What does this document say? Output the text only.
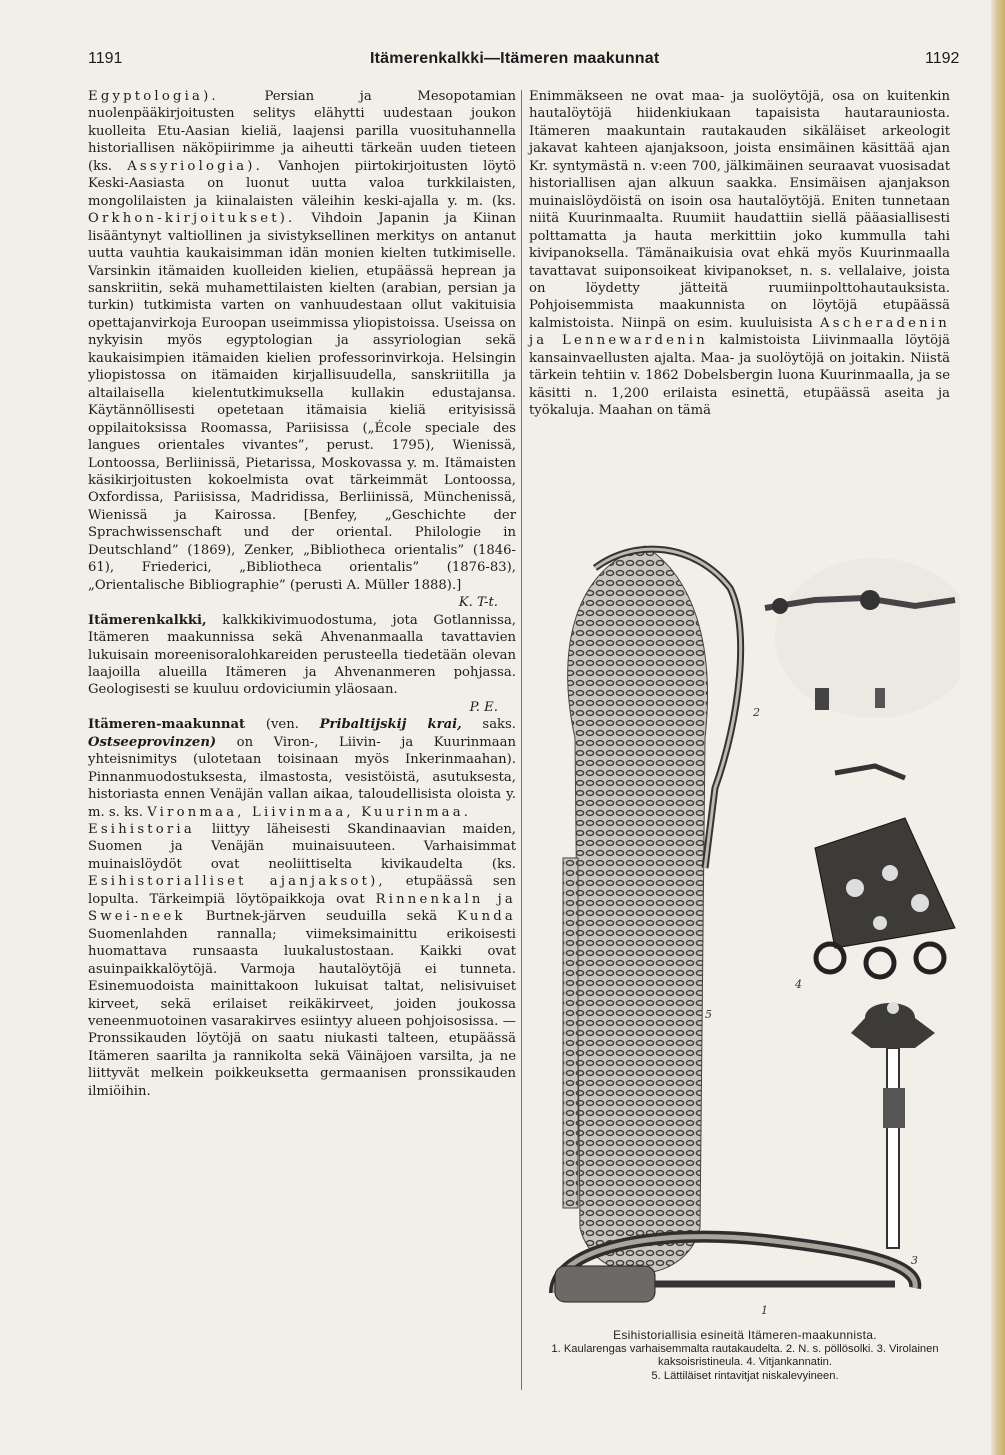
1191	Itämerenkalkki—Itämeren maakunnat	1192

Egyptologia). Persian ja Mesopotamian nuolenpääkirjoitusten selitys elähytti uudestaan joukon kuolleita Etu-Aasian kieliä, laajensi parilla vuosituhannella historiallisen näköpiirimme ja aiheutti tärkeän uuden tieteen (ks. Assyriologia). Vanhojen piirtokirjoitusten löytö Keski-Aasiasta on luonut uutta valoa turkkilaisten, mongolilaisten ja kiinalaisten väleihin keski-ajalla y. m. (ks. Orkhon-kirjoitukset). Vihdoin Japanin ja Kiinan lisääntynyt valtiollinen ja sivistyksellinen merkitys on antanut uutta vauhtia kaukaisimman idän monien kielten tutkimiselle. Varsinkin itämaiden kuolleiden kielien, etupäässä heprean ja sanskriitin, sekä muhamettilaisten kielten (arabian, persian ja turkin) tutkimista varten on vanhuudestaan ollut vakituisia opettajanvirkoja Euroopan useimmissa yliopistoissa. Useissa on nykyisin myös egyptologian ja assyriologian sekä kaukaisimpien itämaiden kielien professorinvirkoja. Helsingin yliopistossa on itämaiden kirjallisuudella, sanskriitilla ja altailaisella kielentutkimuksella kullakin edustajansa. Käytännöllisesti opetetaan itämaisia kieliä erityisissä oppilaitoksissa Roomassa, Pariisissa („École speciale des langues orientales vivantes”, perust. 1795), Wienissä, Lontoossa, Berliinissä, Pietarissa, Moskovassa y. m. Itämaisten käsikirjoitusten kokoelmista ovat tärkeimmät Lontoossa, Oxfordissa, Pariisissa, Madridissa, Berliinissä, Münchenissä, Wienissä ja Kairossa. [Benfey, „Geschichte der Sprachwissenschaft und der oriental. Philologie in Deutschland” (1869), Zenker, „Bibliotheca orientalis” (1846-61), Friederici, „Bibliotheca orientalis” (1876-83), „Orientalische Bibliographie” (perusti A. Müller 1888).]

K. T-t.

Itämerenkalkki, kalkkikivimuodostuma, jota Gotlannissa, Itämeren maakunnissa sekä Ahvenanmaalla tavattavien lukuisain moreenisoralohkareiden perusteella tiedetään olevan laajoilla alueilla Itämeren ja Ahvenanmeren pohjassa. Geologisesti se kuuluu ordoviciumin yläosaan.

P. E.

Itämeren-maakunnat (ven. Pribaltijskij krai, saks. Ostseeprovinzen) on Viron-, Liivin- ja Kuurinmaan yhteisnimitys (ulotetaan toisinaan myös Inkerinmaahan). Pinnanmuodostuksesta, ilmastosta, vesistöistä, asutuksesta, historiasta ennen Venäjän vallan aikaa, taloudellisista oloista y. m. s. ks. Vironmaa, Liivinmaa, Kuurinmaa.

Esihistoria liittyy läheisesti Skandinaavian maiden, Suomen ja Venäjän muinaisuuteen. Varhaisimmat muinaislöydöt ovat neoliittiselta kivikaudelta (ks. Esihistorialliset ajanjaksot), etupäässä sen lopulta. Tärkeimpiä löytöpaikkoja ovat Rinnenkaln ja Swei-neek Burtnek-järven seuduilla sekä Kunda Suomenlahden rannalla; viimeksimainittu erikoisesti huomattava runsaasta luukalustostaan. Kaikki ovat asuinpaikkalöytöjä. Varmoja hautalöytöjä ei tunneta. Esinemuodoista mainittakoon lukuisat taltat, nelisivuiset kirveet, sekä erilaiset reikäkirveet, joiden joukossa veneenmuotoinen vasarakirves esiintyy alueen pohjoisosissa. — Pronssikauden löytöjä on saatu niukasti talteen, etupäässä Itämeren saarilta ja rannikolta sekä Väinäjoen varsilta, ja ne liittyvät melkein poikkeuksetta germaanisen pronssikauden ilmiöihin.

Enimmäkseen ne ovat maa- ja suolöytöjä, osa on kuitenkin hautalöytöjä hiidenkiukaan tapaisista hautarauniosta. Itämeren maakuntain rautakauden sikäläiset arkeologit jakavat kahteen ajanjaksoon, joista ensimäinen käsittää ajan Kr. syntymästä n. v:een 700, jälkimäinen seuraavat vuosisadat historiallisen ajan alkuun saakka. Ensimäisen ajanjakson muinaislöydöistä on isoin osa hautalöytöjä. Eniten tunnetaan niitä Kuurinmaalta. Ruumiit haudattiin siellä pääasiallisesti polttamatta ja hauta merkittiin joko kummulla tahi kivipanoksella. Tämänaikuisia ovat ehkä myös Kuurinmaalla tavattavat suiponsoikeat kivipanokset, n. s. vellalaive, joista on löydetty jätteitä ruumiinpolttohautauksista. Pohjoisemmista maakunnista on löytöjä etupäässä kalmistoista. Niinpä on esim. kuuluisista Ascheradenin ja Lennewardenin kalmistoista Liivinmaalla löytöjä kansainvaellusten ajalta. Maa- ja suolöytöjä on joitakin. Niistä tärkein tehtiin v. 1862 Dobelsbergin luona Kuurinmaalla, ja se käsitti n. 1,200 erilaista esinettä, etupäässä aseita ja työkaluja. Maahan on tämä

2
4
5
3
1
Esihistoriallisia esineitä Itämeren-maakunnista.
1. Kaularengas varhaisemmalta rautakaudelta. 2. N. s. pöllösolki. 3. Virolainen kaksoisristineula. 4. Vitjankannatin.
5. Lättiläiset rintavitjat niskalevyineen.
